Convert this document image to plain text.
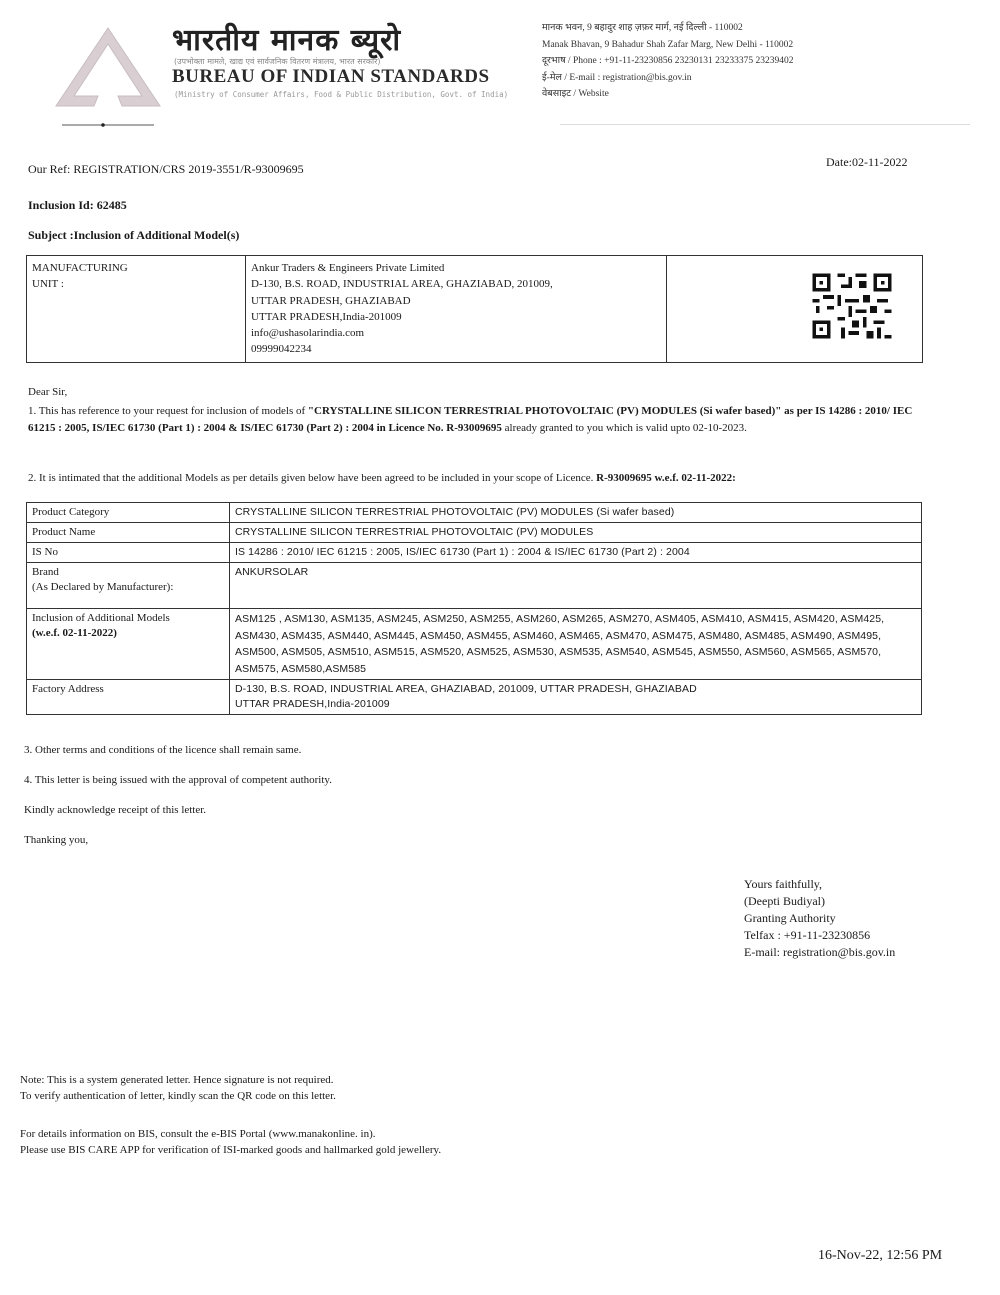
भारतीय मानक ब्यूरो
(उपभोक्ता मामले, खाद्य एवं सार्वजनिक वितरण मंत्रालय, भारत सरकार)
BUREAU OF INDIAN STANDARDS
(Ministry of Consumer Affairs, Food & Public Distribution, Govt. of India)
मानक भवन, 9 बहादुर शाह ज़फ़र मार्ग, नई दिल्ली - 110002
Manak Bhavan, 9 Bahadur Shah Zafar Marg, New Delhi - 110002
दूरभाष / Phone : +91-11-23230856 23230131 23233375 23239402
ई-मेल / E-mail : registration@bis.gov.in
वेबसाइट / Website
Our Ref: REGISTRATION/CRS 2019-3551/R-93009695	Date:02-11-2022
Inclusion Id: 62485
Subject :Inclusion of Additional Model(s)
MANUFACTURING
UNIT :

Ankur Traders & Engineers Private Limited
D-130, B.S. ROAD, INDUSTRIAL AREA, GHAZIABAD, 201009,
UTTAR PRADESH, GHAZIABAD
UTTAR PRADESH,India-201009
info@ushasolarindia.com
09999042234

Dear Sir,
1. This has reference to your request for inclusion of models of "CRYSTALLINE SILICON TERRESTRIAL PHOTOVOLTAIC (PV) MODULES (Si wafer based)" as per IS 14286 : 2010/ IEC 61215 : 2005, IS/IEC 61730 (Part 1) : 2004 & IS/IEC 61730 (Part 2) : 2004 in Licence No. R-93009695 already granted to you which is valid upto 02-10-2023.
2. It is intimated that the additional Models as per details given below have been agreed to be included in your scope of Licence. R-93009695 w.e.f. 02-11-2022:
Product Category	CRYSTALLINE SILICON TERRESTRIAL PHOTOVOLTAIC (PV) MODULES (Si wafer based)
Product Name	CRYSTALLINE SILICON TERRESTRIAL PHOTOVOLTAIC (PV) MODULES
IS No	IS 14286 : 2010/ IEC 61215 : 2005, IS/IEC 61730 (Part 1) : 2004 & IS/IEC 61730 (Part 2) : 2004

Brand
(As Declared by Manufacturer):	ANKURSOLAR

Inclusion of Additional Models
(w.e.f. 02-11-2022)	ASM125 , ASM130, ASM135, ASM245, ASM250, ASM255, ASM260, ASM265, ASM270, ASM405, ASM410, ASM415, ASM420, ASM425, ASM430, ASM435, ASM440, ASM445, ASM450, ASM455, ASM460, ASM465, ASM470, ASM475, ASM480, ASM485, ASM490, ASM495, ASM500, ASM505, ASM510, ASM515, ASM520, ASM525, ASM530, ASM535, ASM540, ASM545, ASM550, ASM560, ASM565, ASM570, ASM575, ASM580,ASM585
Factory Address	D-130, B.S. ROAD, INDUSTRIAL AREA, GHAZIABAD, 201009, UTTAR PRADESH, GHAZIABAD
UTTAR PRADESH,India-201009
3. Other terms and conditions of the licence shall remain same.
4. This letter is being issued with the approval of competent authority.
Kindly acknowledge receipt of this letter.
Thanking you,
Yours faithfully,
(Deepti Budiyal)
Granting Authority
Telfax : +91-11-23230856
E-mail: registration@bis.gov.in
Note: This is a system generated letter. Hence signature is not required.
To verify authentication of letter, kindly scan the QR code on this letter.
For details information on BIS, consult the e-BIS Portal (www.manakonline. in).
Please use BIS CARE APP for verification of ISI-marked goods and hallmarked gold jewellery.
16-Nov-22, 12:56 PM
